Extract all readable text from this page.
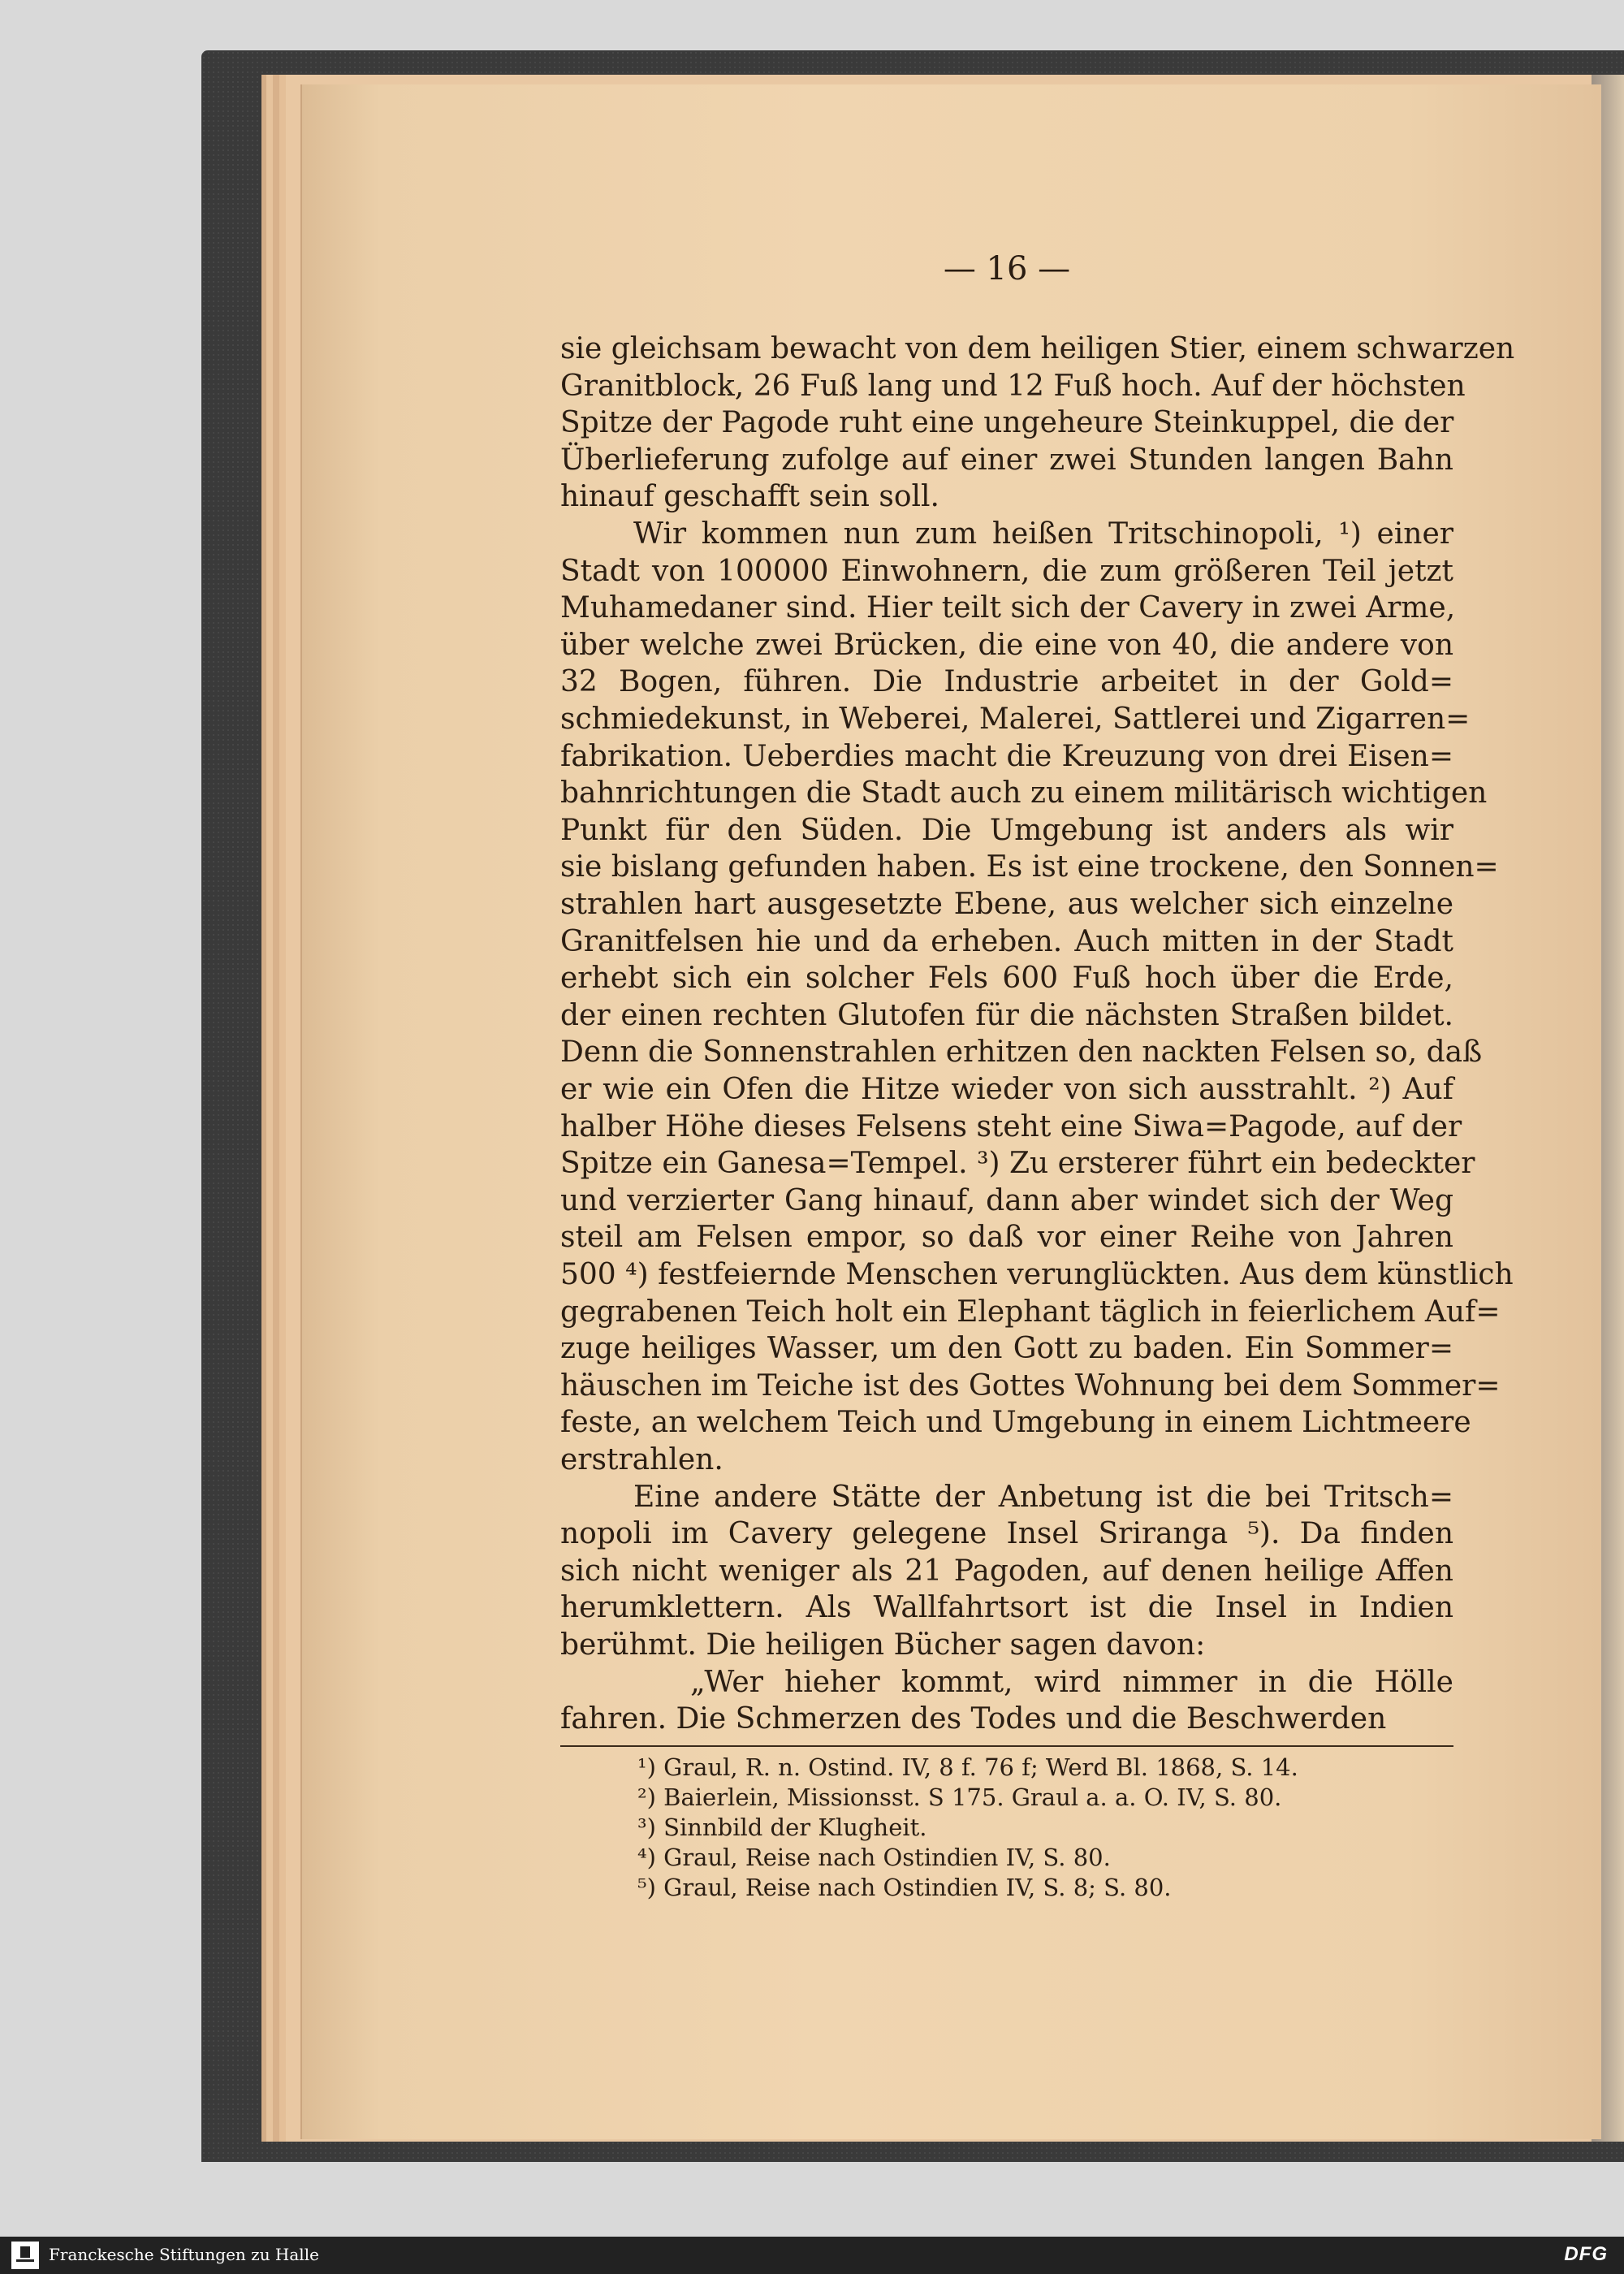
— 16 —
sie gleichsam bewacht von dem heiligen Stier, einem schwarzen
Granitblock, 26 Fuß lang und 12 Fuß hoch. Auf der höchsten
Spitze der Pagode ruht eine ungeheure Steinkuppel, die der
Überlieferung zufolge auf einer zwei Stunden langen Bahn
hinauf geschafft sein soll.
Wir kommen nun zum heißen Tritschinopoli, ¹) einer
Stadt von 100000 Einwohnern, die zum größeren Teil jetzt
Muhamedaner sind. Hier teilt sich der Cavery in zwei Arme,
über welche zwei Brücken, die eine von 40, die andere von
32 Bogen, führen. Die Industrie arbeitet in der Gold=
schmiedekunst, in Weberei, Malerei, Sattlerei und Zigarren=
fabrikation. Ueberdies macht die Kreuzung von drei Eisen=
bahnrichtungen die Stadt auch zu einem militärisch wichtigen
Punkt für den Süden. Die Umgebung ist anders als wir
sie bislang gefunden haben. Es ist eine trockene, den Sonnen=
strahlen hart ausgesetzte Ebene, aus welcher sich einzelne
Granitfelsen hie und da erheben. Auch mitten in der Stadt
erhebt sich ein solcher Fels 600 Fuß hoch über die Erde,
der einen rechten Glutofen für die nächsten Straßen bildet.
Denn die Sonnenstrahlen erhitzen den nackten Felsen so, daß
er wie ein Ofen die Hitze wieder von sich ausstrahlt. ²) Auf
halber Höhe dieses Felsens steht eine Siwa=Pagode, auf der
Spitze ein Ganesa=Tempel. ³) Zu ersterer führt ein bedeckter
und verzierter Gang hinauf, dann aber windet sich der Weg
steil am Felsen empor, so daß vor einer Reihe von Jahren
500 ⁴) festfeiernde Menschen verunglückten. Aus dem künstlich
gegrabenen Teich holt ein Elephant täglich in feierlichem Auf=
zuge heiliges Wasser, um den Gott zu baden. Ein Sommer=
häuschen im Teiche ist des Gottes Wohnung bei dem Sommer=
feste, an welchem Teich und Umgebung in einem Lichtmeere
erstrahlen.
Eine andere Stätte der Anbetung ist die bei Tritsch=
nopoli im Cavery gelegene Insel Sriranga ⁵). Da finden
sich nicht weniger als 21 Pagoden, auf denen heilige Affen
herumklettern. Als Wallfahrtsort ist die Insel in Indien
berühmt. Die heiligen Bücher sagen davon:
„Wer hieher kommt, wird nimmer in die Hölle
fahren. Die Schmerzen des Todes und die Beschwerden
¹) Graul, R. n. Ostind. IV, 8 f. 76 f; Werd Bl. 1868, S. 14.
²) Baierlein, Missionsst. S 175. Graul a. a. O. IV, S. 80.
³) Sinnbild der Klugheit.
⁴) Graul, Reise nach Ostindien IV, S. 80.
⁵) Graul, Reise nach Ostindien IV, S. 8; S. 80.
Franckesche Stiftungen zu Halle	DFG
